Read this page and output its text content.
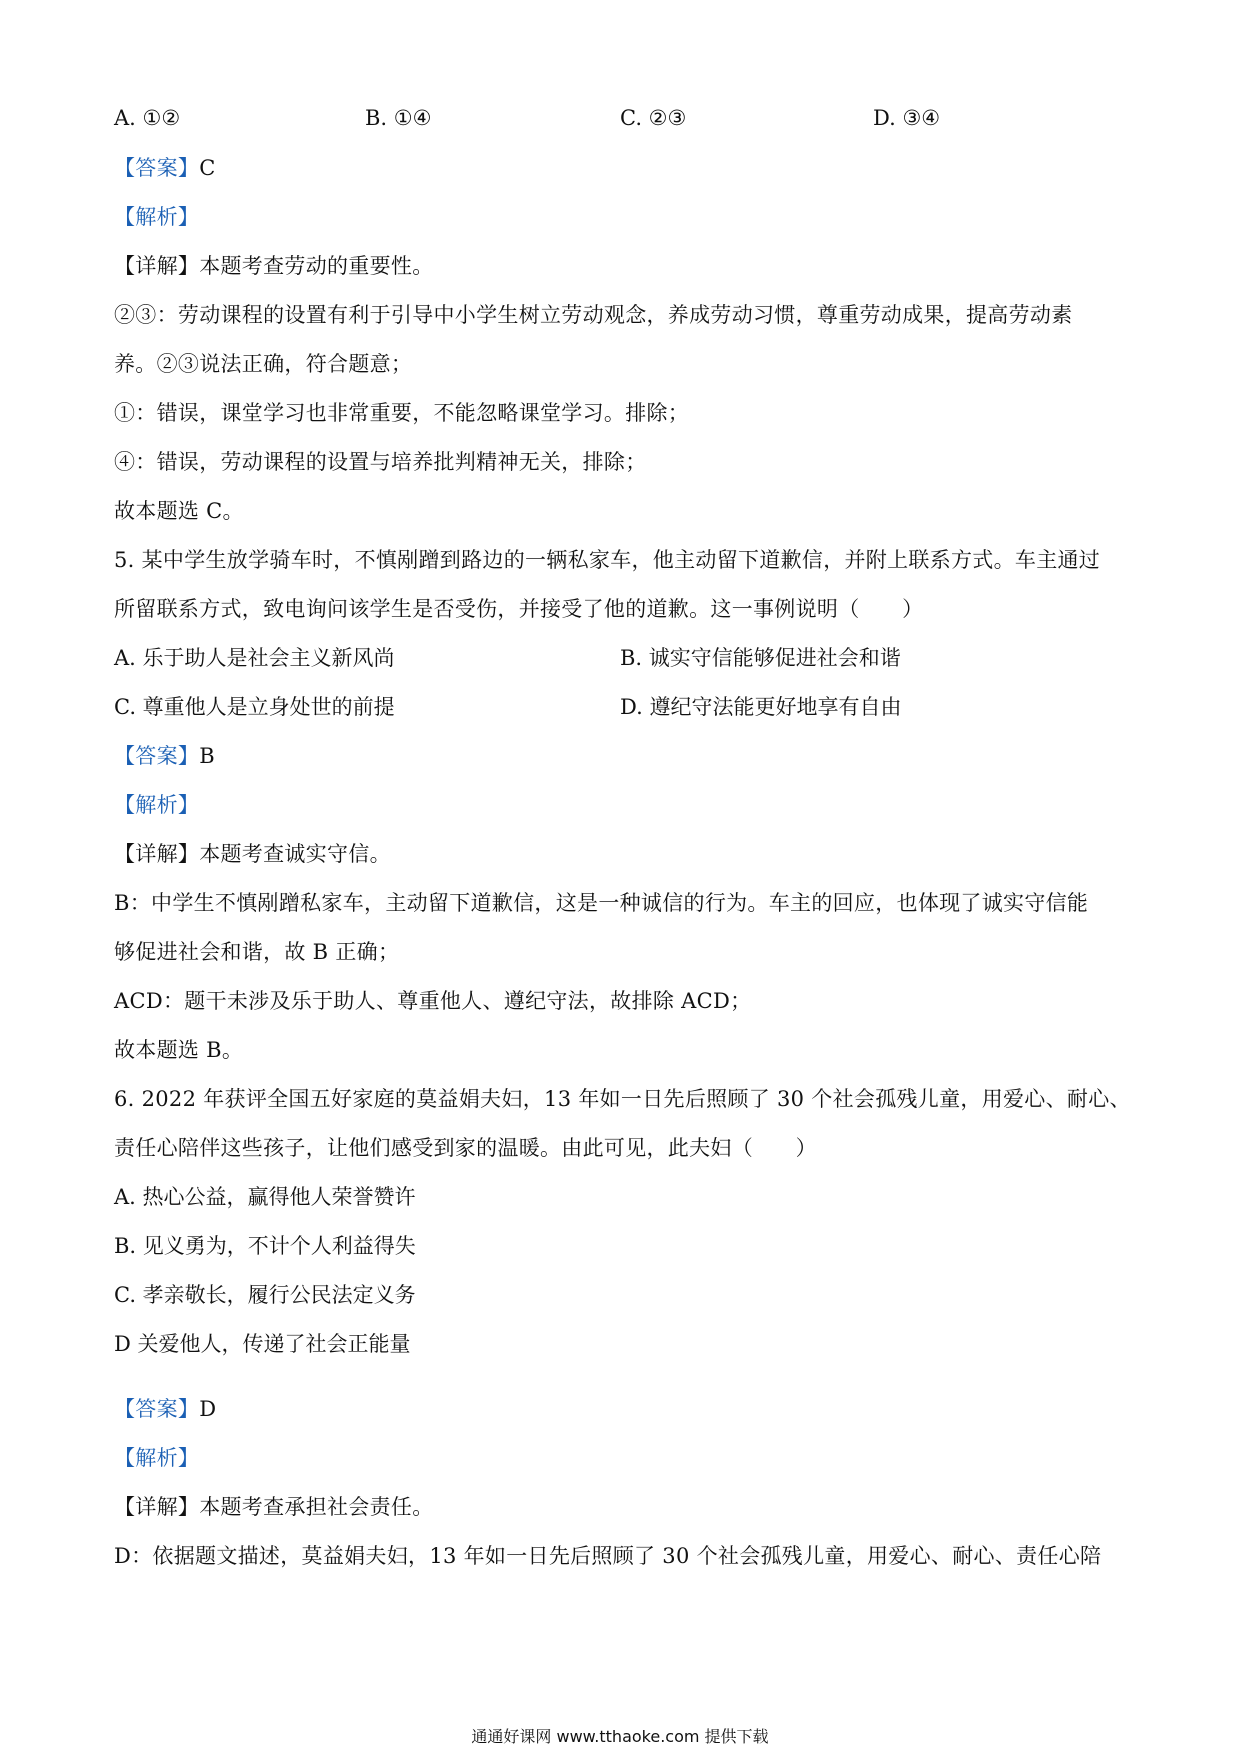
A. ①②	B. ①④	C. ②③	D. ③④
【答案】C
【解析】
【详解】本题考查劳动的重要性。
②③：劳动课程的设置有利于引导中小学生树立劳动观念，养成劳动习惯，尊重劳动成果，提高劳动素
养。②③说法正确，符合题意；
①：错误，课堂学习也非常重要，不能忽略课堂学习。排除；
④：错误，劳动课程的设置与培养批判精神无关，排除；
故本题选 C。
5. 某中学生放学骑车时，不慎剐蹭到路边的一辆私家车，他主动留下道歉信，并附上联系方式。车主通过
所留联系方式，致电询问该学生是否受伤，并接受了他的道歉。这一事例说明（　　）
A. 乐于助人是社会主义新风尚	B. 诚实守信能够促进社会和谐
C. 尊重他人是立身处世的前提	D. 遵纪守法能更好地享有自由
【答案】B
【解析】
【详解】本题考查诚实守信。
B：中学生不慎剐蹭私家车，主动留下道歉信，这是一种诚信的行为。车主的回应，也体现了诚实守信能
够促进社会和谐，故 B 正确；
ACD：题干未涉及乐于助人、尊重他人、遵纪守法，故排除 ACD；
故本题选 B。
6. 2022 年获评全国五好家庭的莫益娟夫妇，13 年如一日先后照顾了 30 个社会孤残儿童，用爱心、耐心、
责任心陪伴这些孩子，让他们感受到家的温暖。由此可见，此夫妇（　　）
A. 热心公益，赢得他人荣誉赞许
B. 见义勇为，不计个人利益得失
C. 孝亲敬长，履行公民法定义务
D 关爱他人，传递了社会正能量
【答案】D
【解析】
【详解】本题考查承担社会责任。
D：依据题文描述，莫益娟夫妇，13 年如一日先后照顾了 30 个社会孤残儿童，用爱心、耐心、责任心陪
通通好课网 www.tthaoke.com 提供下载
